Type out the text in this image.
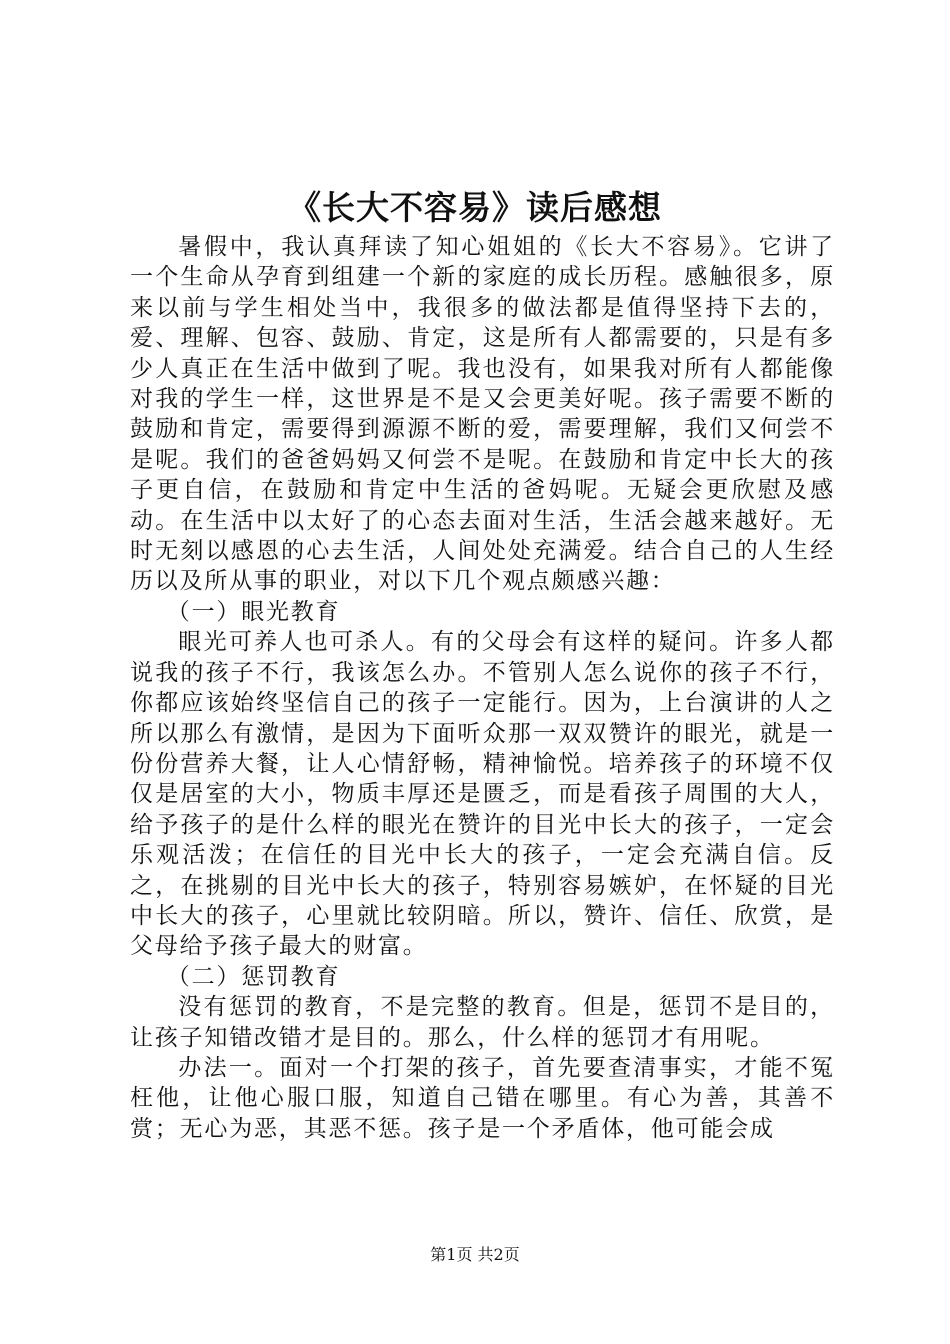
《长大不容易》读后感想

暑假中，我认真拜读了知心姐姐的《长大不容易》。它讲了一个生命从孕育到组建一个新的家庭的成长历程。感触很多，原来以前与学生相处当中，我很多的做法都是值得坚持下去的，爱、理解、包容、鼓励、肯定，这是所有人都需要的，只是有多少人真正在生活中做到了呢。我也没有，如果我对所有人都能像对我的学生一样，这世界是不是又会更美好呢。孩子需要不断的鼓励和肯定，需要得到源源不断的爱，需要理解，我们又何尝不是呢。我们的爸爸妈妈又何尝不是呢。在鼓励和肯定中长大的孩子更自信，在鼓励和肯定中生活的爸妈呢。无疑会更欣慰及感动。在生活中以太好了的心态去面对生活，生活会越来越好。无时无刻以感恩的心去生活，人间处处充满爱。结合自己的人生经历以及所从事的职业，对以下几个观点颇感兴趣：

（一）眼光教育

眼光可养人也可杀人。有的父母会有这样的疑问。许多人都说我的孩子不行，我该怎么办。不管别人怎么说你的孩子不行，你都应该始终坚信自己的孩子一定能行。因为，上台演讲的人之所以那么有激情，是因为下面听众那一双双赞许的眼光，就是一份份营养大餐，让人心情舒畅，精神愉悦。培养孩子的环境不仅仅是居室的大小，物质丰厚还是匮乏，而是看孩子周围的大人，给予孩子的是什么样的眼光在赞许的目光中长大的孩子，一定会乐观活泼；在信任的目光中长大的孩子，一定会充满自信。反之，在挑剔的目光中长大的孩子，特别容易嫉妒，在怀疑的目光中长大的孩子，心里就比较阴暗。所以，赞许、信任、欣赏，是父母给予孩子最大的财富。

（二）惩罚教育

没有惩罚的教育，不是完整的教育。但是，惩罚不是目的，让孩子知错改错才是目的。那么，什么样的惩罚才有用呢。

办法一。面对一个打架的孩子，首先要查清事实，才能不冤枉他，让他心服口服，知道自己错在哪里。有心为善，其善不赏；无心为恶，其恶不惩。孩子是一个矛盾体，他可能会成

第1页 共2页
